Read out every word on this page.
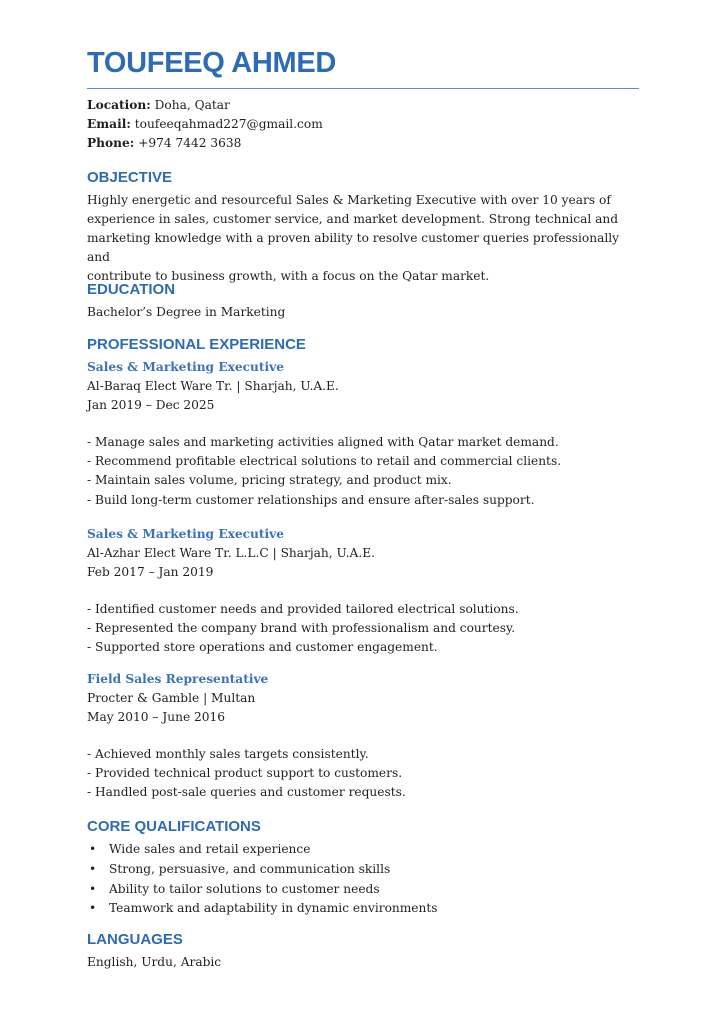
TOUFEEQ AHMED
Location: Doha, Qatar
Email: toufeeqahmad227@gmail.com
Phone: +974 7442 3638
OBJECTIVE
Highly energetic and resourceful Sales & Marketing Executive with over 10 years of
experience in sales, customer service, and market development. Strong technical and
marketing knowledge with a proven ability to resolve customer queries professionally and
contribute to business growth, with a focus on the Qatar market.
EDUCATION
Bachelor’s Degree in Marketing
PROFESSIONAL EXPERIENCE
Sales & Marketing Executive
Al-Baraq Elect Ware Tr. | Sharjah, U.A.E.
Jan 2019 – Dec 2025
- Manage sales and marketing activities aligned with Qatar market demand.
- Recommend profitable electrical solutions to retail and commercial clients.
- Maintain sales volume, pricing strategy, and product mix.
- Build long-term customer relationships and ensure after-sales support.
Sales & Marketing Executive
Al-Azhar Elect Ware Tr. L.L.C | Sharjah, U.A.E.
Feb 2017 – Jan 2019
- Identified customer needs and provided tailored electrical solutions.
- Represented the company brand with professionalism and courtesy.
- Supported store operations and customer engagement.
Field Sales Representative
Procter & Gamble | Multan
May 2010 – June 2016
- Achieved monthly sales targets consistently.
- Provided technical product support to customers.
- Handled post-sale queries and customer requests.
CORE QUALIFICATIONS
• Wide sales and retail experience
• Strong, persuasive, and communication skills
• Ability to tailor solutions to customer needs
• Teamwork and adaptability in dynamic environments
LANGUAGES
English, Urdu, Arabic
